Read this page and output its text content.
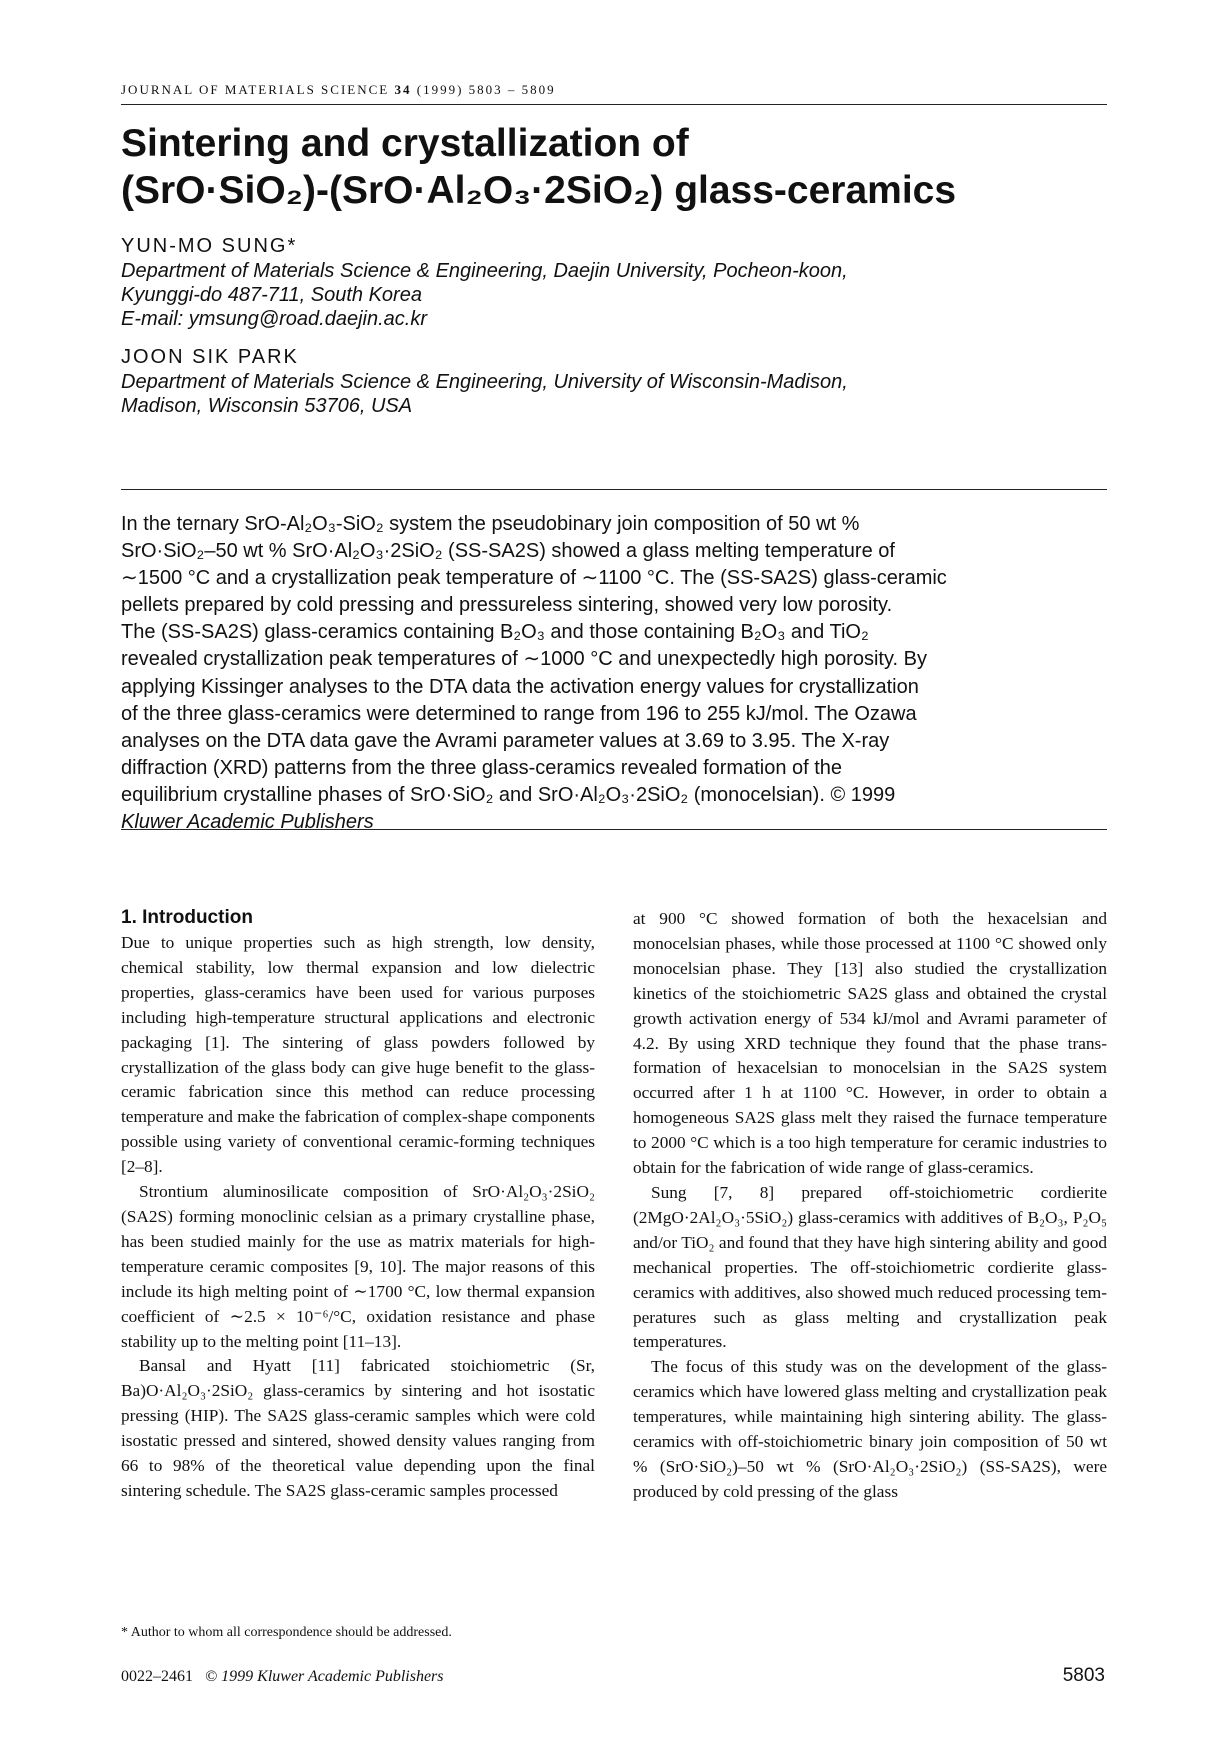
JOURNAL OF MATERIALS SCIENCE 34 (1999) 5803 – 5809
Sintering and crystallization of
(SrO·SiO₂)-(SrO·Al₂O₃·2SiO₂) glass-ceramics
YUN-MO SUNG*
Department of Materials Science & Engineering, Daejin University, Pocheon-koon,
Kyunggi-do 487-711, South Korea
E-mail: ymsung@road.daejin.ac.kr
JOON SIK PARK
Department of Materials Science & Engineering, University of Wisconsin-Madison,
Madison, Wisconsin 53706, USA
In the ternary SrO-Al₂O₃-SiO₂ system the pseudobinary join composition of 50 wt %
SrO·SiO₂–50 wt % SrO·Al₂O₃·2SiO₂ (SS-SA2S) showed a glass melting temperature of
∼1500 °C and a crystallization peak temperature of ∼1100 °C. The (SS-SA2S) glass-ceramic
pellets prepared by cold pressing and pressureless sintering, showed very low porosity.
The (SS-SA2S) glass-ceramics containing B₂O₃ and those containing B₂O₃ and TiO₂
revealed crystallization peak temperatures of ∼1000 °C and unexpectedly high porosity. By
applying Kissinger analyses to the DTA data the activation energy values for crystallization
of the three glass-ceramics were determined to range from 196 to 255 kJ/mol. The Ozawa
analyses on the DTA data gave the Avrami parameter values at 3.69 to 3.95. The X-ray
diffraction (XRD) patterns from the three glass-ceramics revealed formation of the
equilibrium crystalline phases of SrO·SiO₂ and SrO·Al₂O₃·2SiO₂ (monocelsian). © 1999
Kluwer Academic Publishers
1. Introduction

Due to unique properties such as high strength, low density, chemical stability, low thermal expansion and low dielectric properties, glass-ceramics have been used for various purposes including high-temperature structural applications and electronic packaging [1]. The sintering of glass powders followed by crystallization of the glass body can give huge benefit to the glass-ceramic fabrication since this method can reduce processing temperature and make the fabrication of complex-shape components possible using variety of conventional ceramic-forming techniques [2–8].

Strontium aluminosilicate composition of SrO·Al₂O₃·2SiO₂ (SA2S) forming monoclinic celsian as a primary crystalline phase, has been studied mainly for the use as matrix materials for high-temperature ceramic composites [9, 10]. The major reasons of this include its high melting point of ∼1700 °C, low thermal expansion coefficient of ∼2.5 × 10⁻⁶/°C, oxidation resistance and phase stability up to the melting point [11–13].

Bansal and Hyatt [11] fabricated stoichiometric (Sr, Ba)O·Al₂O₃·2SiO₂ glass-ceramics by sintering and hot isostatic pressing (HIP). The SA2S glass-ceramic samples which were cold isostatic pressed and sintered, showed density values ranging from 66 to 98% of the theoretical value depending upon the final sintering schedule. The SA2S glass-ceramic samples processed

at 900 °C showed formation of both the hexacelsian and monocelsian phases, while those processed at 1100 °C showed only monocelsian phase. They [13] also studied the crystallization kinetics of the stoichiometric SA2S glass and obtained the crystal growth activation energy of 534 kJ/mol and Avrami parameter of 4.2. By using XRD technique they found that the phase transformation of hexacelsian to monocelsian in the SA2S system occurred after 1 h at 1100 °C. However, in order to obtain a homogeneous SA2S glass melt they raised the furnace temperature to 2000 °C which is a too high temperature for ceramic industries to obtain for the fabrication of wide range of glass-ceramics.

Sung [7, 8] prepared off-stoichiometric cordierite (2MgO·2Al₂O₃·5SiO₂) glass-ceramics with additives of B₂O₃, P₂O₅ and/or TiO₂ and found that they have high sintering ability and good mechanical properties. The off-stoichiometric cordierite glass-ceramics with additives, also showed much reduced processing temperatures such as glass melting and crystallization peak temperatures.

The focus of this study was on the development of the glass-ceramics which have lowered glass melting and crystallization peak temperatures, while maintaining high sintering ability. The glass-ceramics with off-stoichiometric binary join composition of 50 wt % (SrO·SiO₂)–50 wt % (SrO·Al₂O₃·2SiO₂) (SS-SA2S), were produced by cold pressing of the glass

* Author to whom all correspondence should be addressed.
0022–2461 © 1999 Kluwer Academic Publishers	5803
